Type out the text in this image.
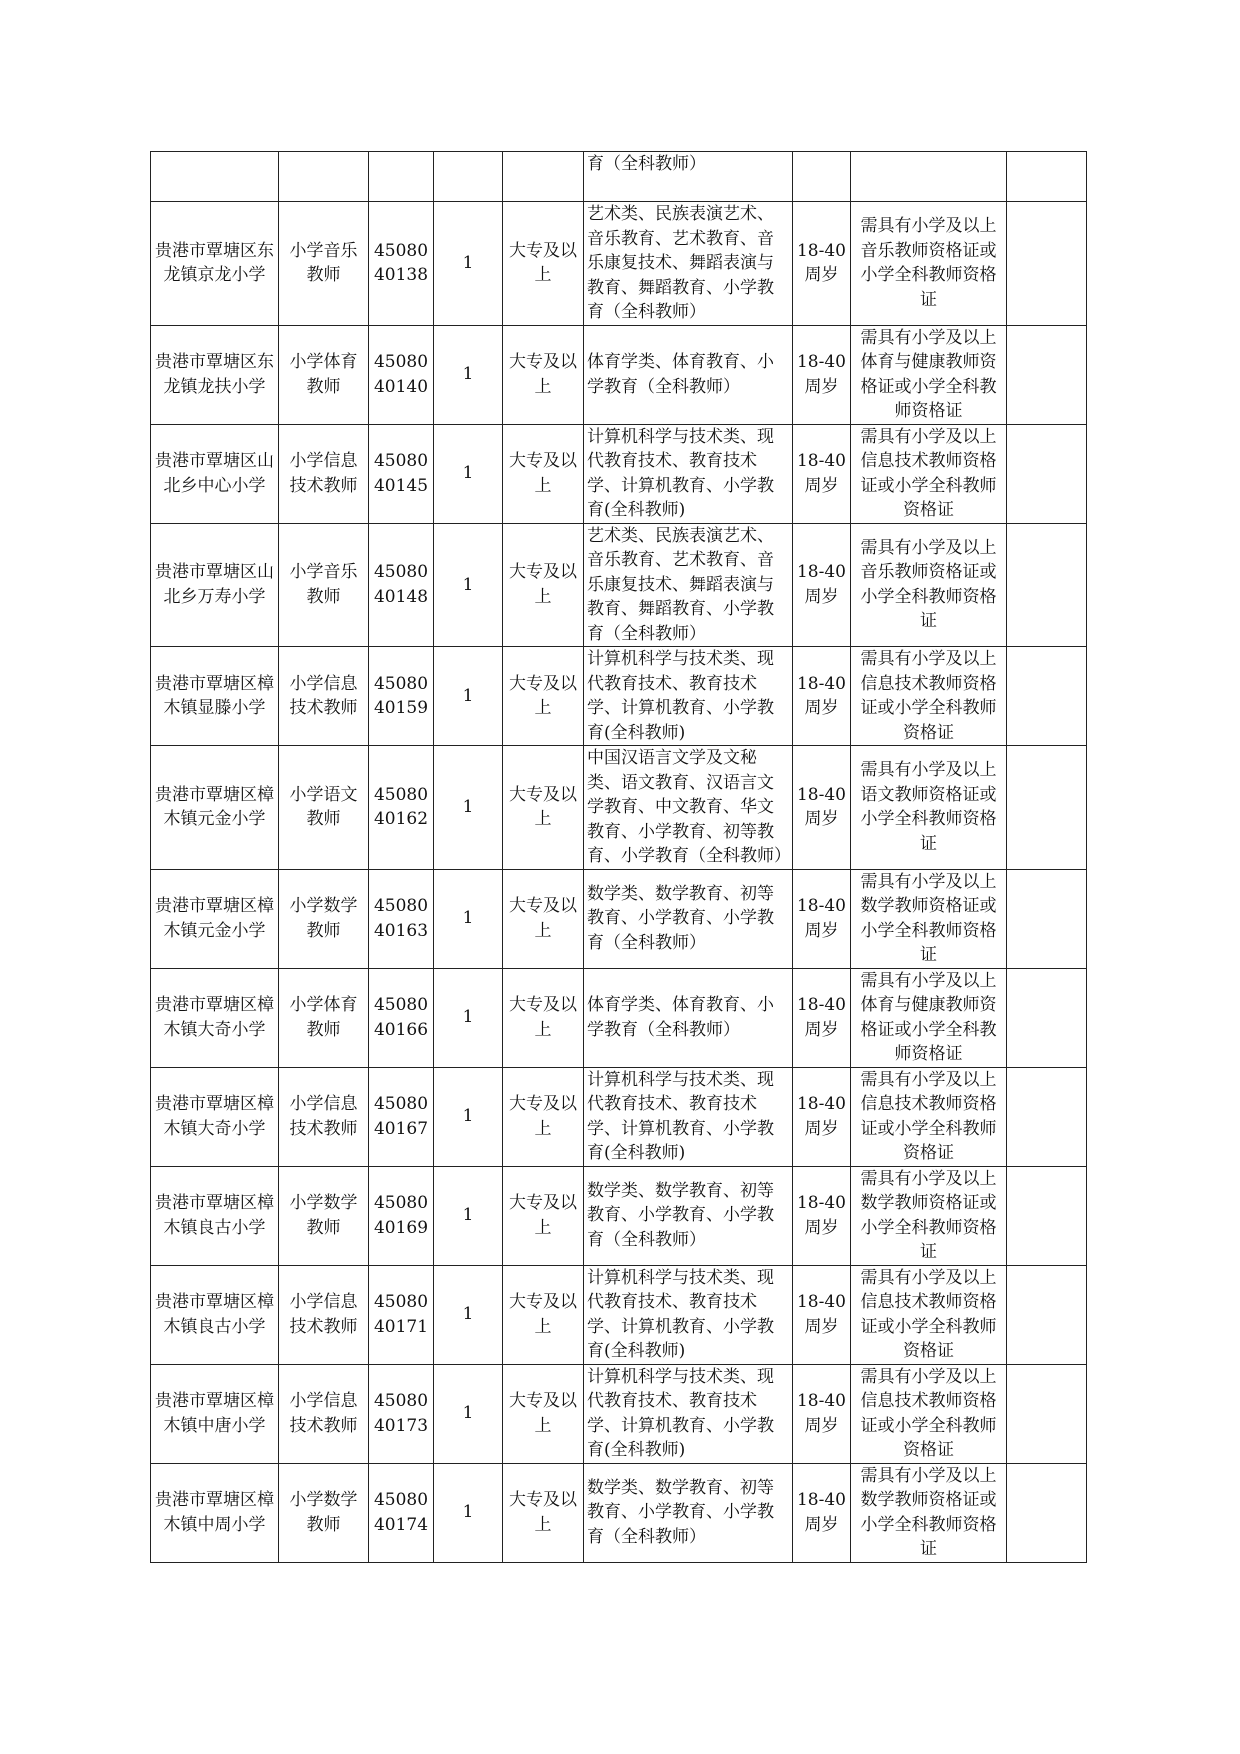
					育（全科教师）			
贵港市覃塘区东龙镇京龙小学	小学音乐教师	4508040138	1	大专及以上	艺术类、民族表演艺术、音乐教育、艺术教育、音乐康复技术、舞蹈表演与教育、舞蹈教育、小学教育（全科教师）	18-40周岁	需具有小学及以上音乐教师资格证或小学全科教师资格证	
贵港市覃塘区东龙镇龙扶小学	小学体育教师	4508040140	1	大专及以上	体育学类、体育教育、小学教育（全科教师）	18-40周岁	需具有小学及以上体育与健康教师资格证或小学全科教师资格证	
贵港市覃塘区山北乡中心小学	小学信息技术教师	4508040145	1	大专及以上	计算机科学与技术类、现代教育技术、教育技术学、计算机教育、小学教育(全科教师)	18-40周岁	需具有小学及以上信息技术教师资格证或小学全科教师资格证	
贵港市覃塘区山北乡万寿小学	小学音乐教师	4508040148	1	大专及以上	艺术类、民族表演艺术、音乐教育、艺术教育、音乐康复技术、舞蹈表演与教育、舞蹈教育、小学教育（全科教师）	18-40周岁	需具有小学及以上音乐教师资格证或小学全科教师资格证	
贵港市覃塘区樟木镇显滕小学	小学信息技术教师	4508040159	1	大专及以上	计算机科学与技术类、现代教育技术、教育技术学、计算机教育、小学教育(全科教师)	18-40周岁	需具有小学及以上信息技术教师资格证或小学全科教师资格证	
贵港市覃塘区樟木镇元金小学	小学语文教师	4508040162	1	大专及以上	中国汉语言文学及文秘类、语文教育、汉语言文学教育、中文教育、华文教育、小学教育、初等教育、小学教育（全科教师）	18-40周岁	需具有小学及以上语文教师资格证或小学全科教师资格证	
贵港市覃塘区樟木镇元金小学	小学数学教师	4508040163	1	大专及以上	数学类、数学教育、初等教育、小学教育、小学教育（全科教师）	18-40周岁	需具有小学及以上数学教师资格证或小学全科教师资格证	
贵港市覃塘区樟木镇大奇小学	小学体育教师	4508040166	1	大专及以上	体育学类、体育教育、小学教育（全科教师）	18-40周岁	需具有小学及以上体育与健康教师资格证或小学全科教师资格证	
贵港市覃塘区樟木镇大奇小学	小学信息技术教师	4508040167	1	大专及以上	计算机科学与技术类、现代教育技术、教育技术学、计算机教育、小学教育(全科教师)	18-40周岁	需具有小学及以上信息技术教师资格证或小学全科教师资格证	
贵港市覃塘区樟木镇良古小学	小学数学教师	4508040169	1	大专及以上	数学类、数学教育、初等教育、小学教育、小学教育（全科教师）	18-40周岁	需具有小学及以上数学教师资格证或小学全科教师资格证	
贵港市覃塘区樟木镇良古小学	小学信息技术教师	4508040171	1	大专及以上	计算机科学与技术类、现代教育技术、教育技术学、计算机教育、小学教育(全科教师)	18-40周岁	需具有小学及以上信息技术教师资格证或小学全科教师资格证	
贵港市覃塘区樟木镇中唐小学	小学信息技术教师	4508040173	1	大专及以上	计算机科学与技术类、现代教育技术、教育技术学、计算机教育、小学教育(全科教师)	18-40周岁	需具有小学及以上信息技术教师资格证或小学全科教师资格证	
贵港市覃塘区樟木镇中周小学	小学数学教师	4508040174	1	大专及以上	数学类、数学教育、初等教育、小学教育、小学教育（全科教师）	18-40周岁	需具有小学及以上数学教师资格证或小学全科教师资格证	
